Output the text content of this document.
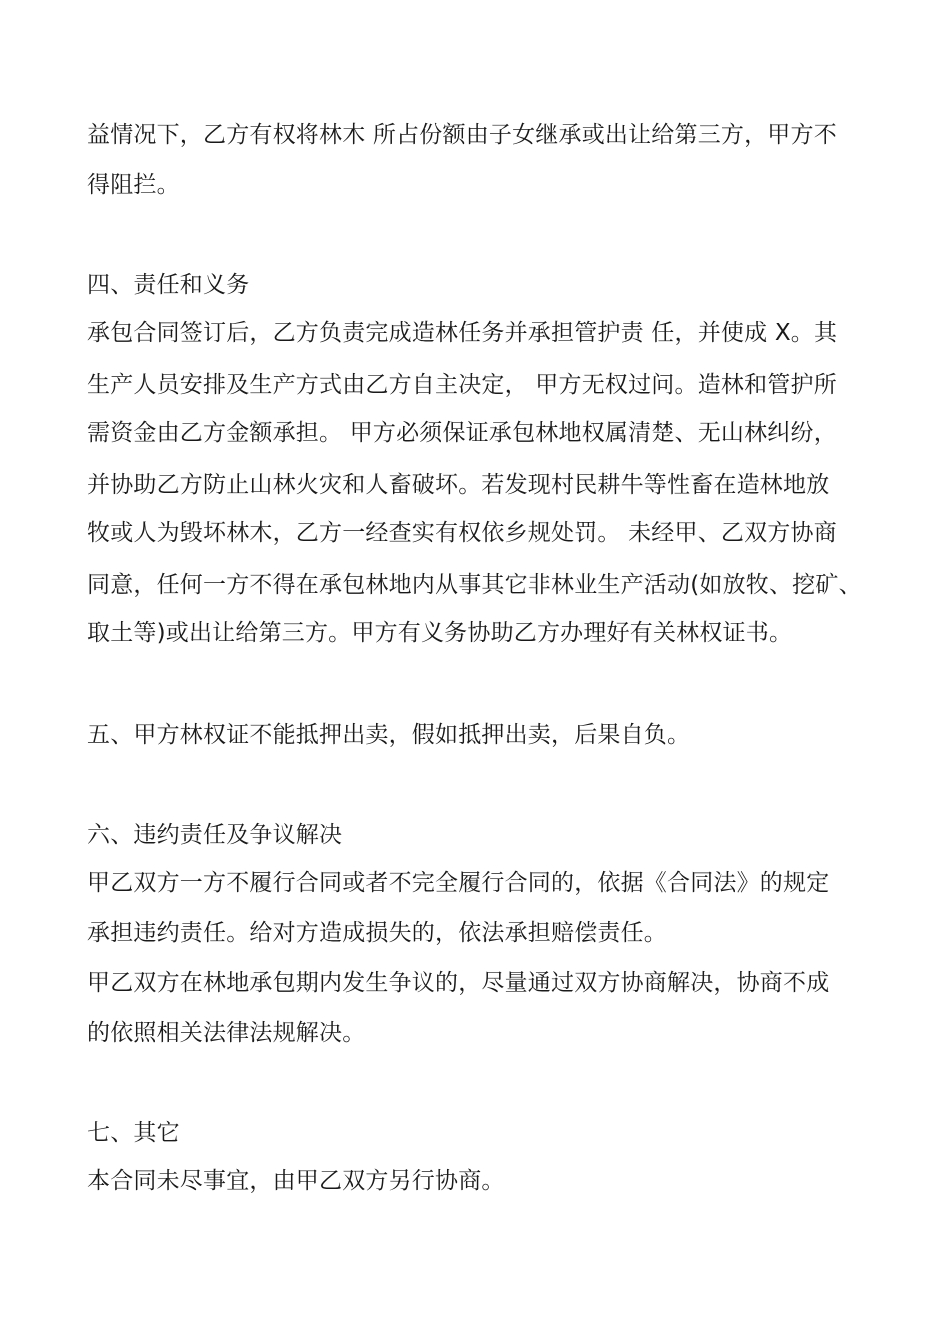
益情况下，乙方有权将林木 所占份额由子女继承或出让给第三方，甲方不
得阻拦。
四、责任和义务
承包合同签订后，乙方负责完成造林任务并承担管护责 任，并使成 X。其
生产人员安排及生产方式由乙方自主决定， 甲方无权过问。造林和管护所
需资金由乙方金额承担。 甲方必须保证承包林地权属清楚、无山林纠纷，
并协助乙方防止山林火灾和人畜破坏。若发现村民耕牛等性畜在造林地放
牧或人为毁坏林木，乙方一经查实有权依乡规处罚。 未经甲、乙双方协商
同意，任何一方不得在承包林地内从事其它非林业生产活动(如放牧、挖矿、
取土等)或出让给第三方。甲方有义务协助乙方办理好有关林权证书。
五、甲方林权证不能抵押出卖，假如抵押出卖，后果自负。
六、违约责任及争议解决
甲乙双方一方不履行合同或者不完全履行合同的，依据《合同法》的规定
承担违约责任。给对方造成损失的，依法承担赔偿责任。
甲乙双方在林地承包期内发生争议的，尽量通过双方协商解决，协商不成
的依照相关法律法规解决。
七、其它
本合同未尽事宜，由甲乙双方另行协商。
